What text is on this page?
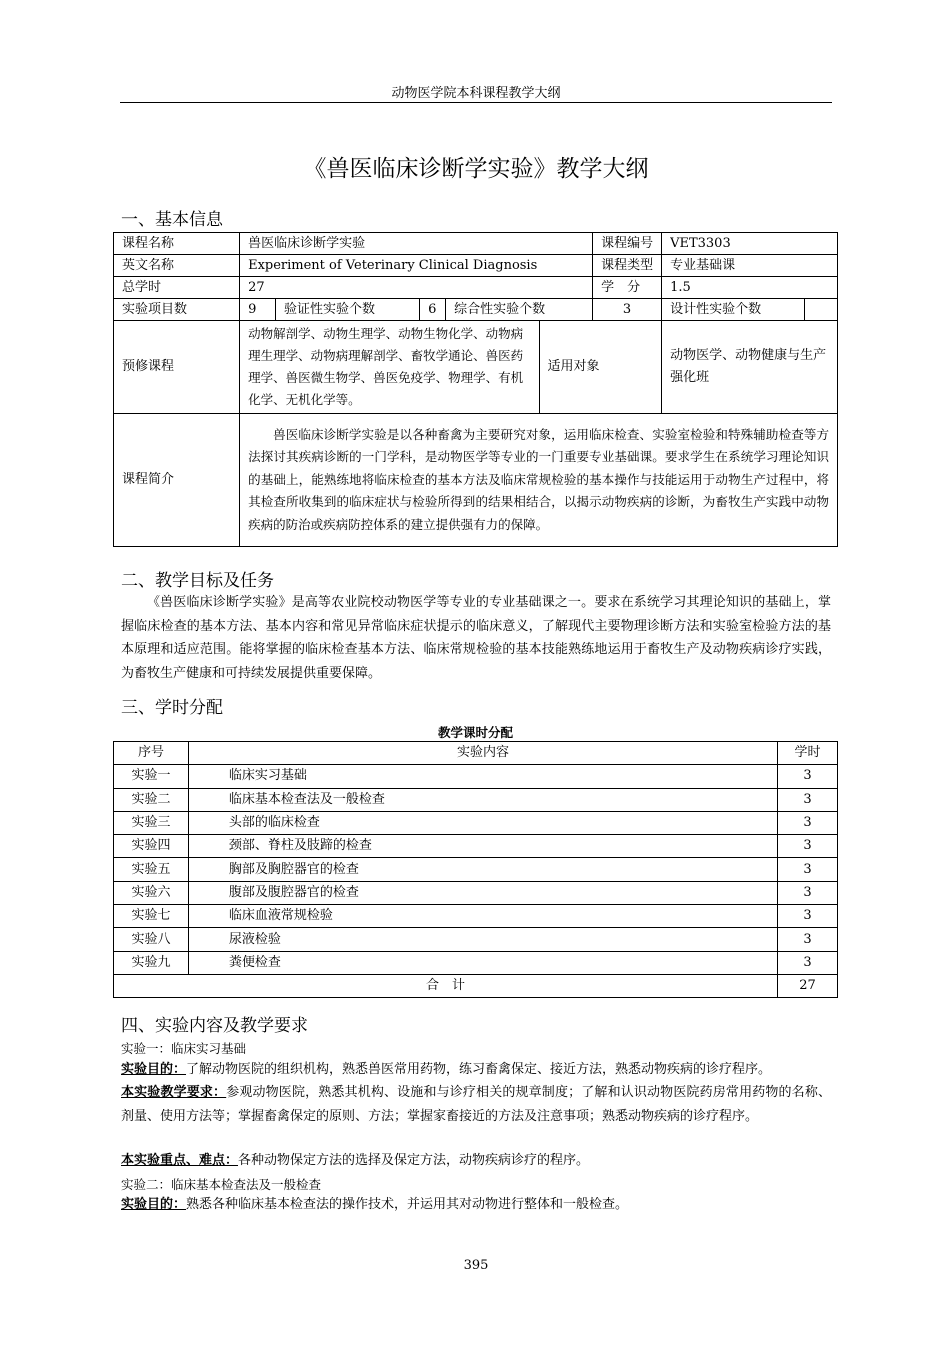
动物医学院本科课程教学大纲
《兽医临床诊断学实验》教学大纲
一、基本信息
课程名称	兽医临床诊断学实验					课程编号	VET3303	
英文名称	Experiment of Veterinary Clinical Diagnosis					课程类型	专业基础课	
总学时	27					学　分	1.5	
实验项目数	9	验证性实验个数	6	综合性实验个数		3	设计性实验个数	
预修课程	动物解剖学、动物生理学、动物生物化学、动物病理生理学、动物病理解剖学、畜牧学通论、兽医药理学、兽医微生物学、兽医免疫学、物理学、有机化学、无机化学等。				适用对象		动物医学、动物健康与生产强化班	
课程简介	兽医临床诊断学实验是以各种畜禽为主要研究对象，运用临床检查、实验室检验和特殊辅助检查等方法探讨其疾病诊断的一门学科，是动物医学等专业的一门重要专业基础课。要求学生在系统学习理论知识的基础上，能熟练地将临床检查的基本方法及临床常规检验的基本操作与技能运用于动物生产过程中，将其检查所收集到的临床症状与检验所得到的结果相结合，以揭示动物疾病的诊断，为畜牧生产实践中动物疾病的防治或疾病防控体系的建立提供强有力的保障。							
二、教学目标及任务
《兽医临床诊断学实验》是高等农业院校动物医学等专业的专业基础课之一。要求在系统学习其理论知识的基础上，掌握临床检查的基本方法、基本内容和常见异常临床症状提示的临床意义，了解现代主要物理诊断方法和实验室检验方法的基本原理和适应范围。能将掌握的临床检查基本方法、临床常规检验的基本技能熟练地运用于畜牧生产及动物疾病诊疗实践，为畜牧生产健康和可持续发展提供重要保障。
三、学时分配
教学课时分配
序号	实验内容	学时
实验一	临床实习基础	3
实验二	临床基本检查法及一般检查	3
实验三	头部的临床检查	3
实验四	颈部、脊柱及肢蹄的检查	3
实验五	胸部及胸腔器官的检查	3
实验六	腹部及腹腔器官的检查	3
实验七	临床血液常规检验	3
实验八	尿液检验	3
实验九	粪便检查	3
合　计		27
四、实验内容及教学要求
实验一：临床实习基础
实验目的：了解动物医院的组织机构，熟悉兽医常用药物，练习畜禽保定、接近方法，熟悉动物疾病的诊疗程序。
本实验教学要求：参观动物医院，熟悉其机构、设施和与诊疗相关的规章制度；了解和认识动物医院药房常用药物的名称、剂量、使用方法等；掌握畜禽保定的原则、方法；掌握家畜接近的方法及注意事项；熟悉动物疾病的诊疗程序。
本实验重点、难点：各种动物保定方法的选择及保定方法，动物疾病诊疗的程序。
实验二：临床基本检查法及一般检查
实验目的：熟悉各种临床基本检查法的操作技术，并运用其对动物进行整体和一般检查。
395
